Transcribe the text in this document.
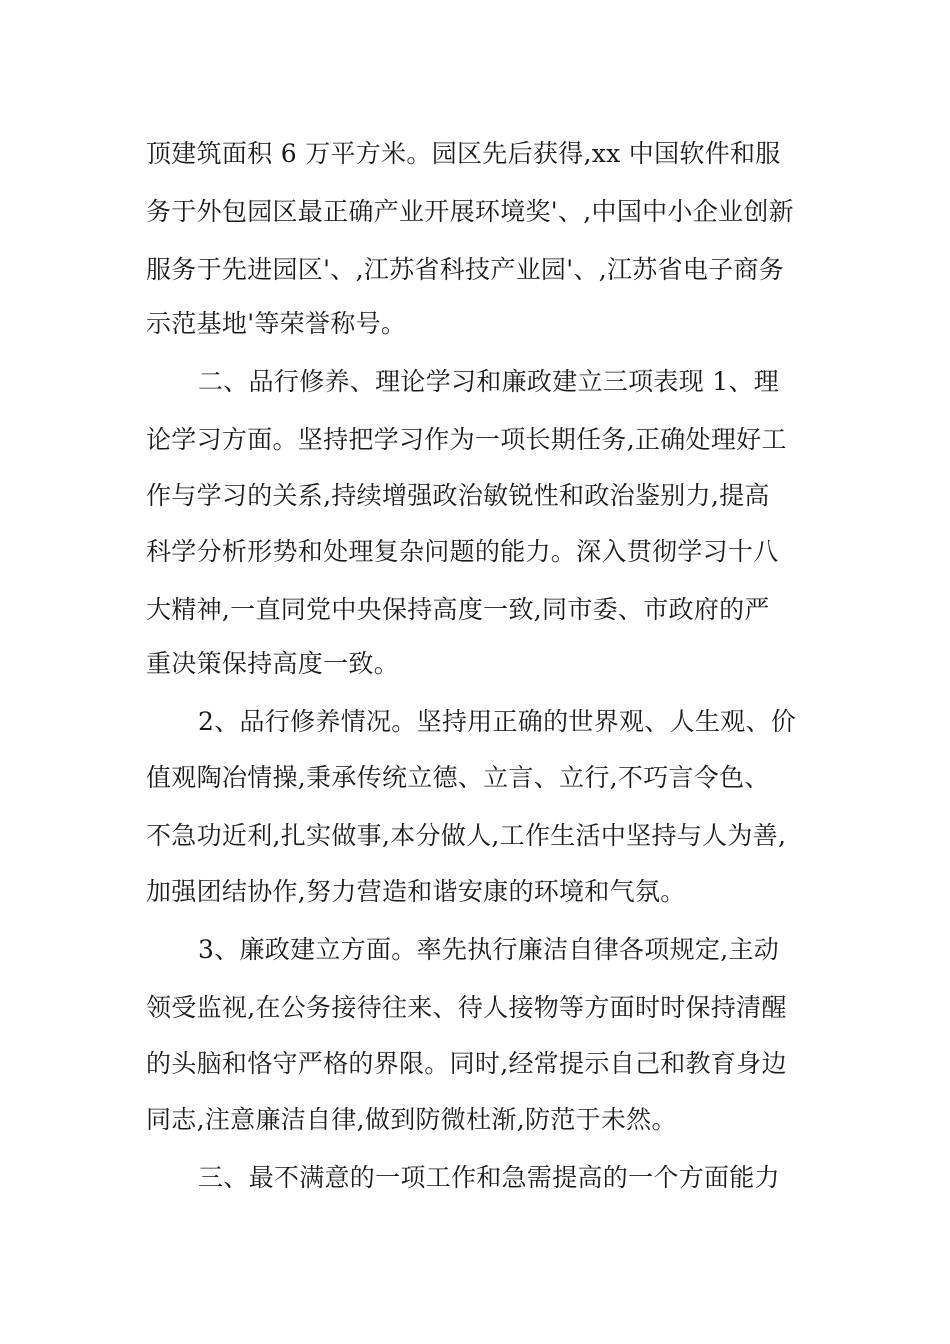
顶建筑面积 6 万平方米。园区先后获得,xx 中国软件和服
务于外包园区最正确产业开展环境奖'、,中国中小企业创新
服务于先进园区'、,江苏省科技产业园'、,江苏省电子商务
示范基地'等荣誉称号。
二、品行修养、理论学习和廉政建立三项表现 1、理
论学习方面。坚持把学习作为一项长期任务,正确处理好工
作与学习的关系,持续增强政治敏锐性和政治鉴别力,提高
科学分析形势和处理复杂问题的能力。深入贯彻学习十八
大精神,一直同党中央保持高度一致,同市委、市政府的严
重决策保持高度一致。
2、品行修养情况。坚持用正确的世界观、人生观、价
值观陶冶情操,秉承传统立德、立言、立行,不巧言令色、
不急功近利,扎实做事,本分做人,工作生活中坚持与人为善,
加强团结协作,努力营造和谐安康的环境和气氛。
3、廉政建立方面。率先执行廉洁自律各项规定,主动
领受监视,在公务接待往来、待人接物等方面时时保持清醒
的头脑和恪守严格的界限。同时,经常提示自己和教育身边
同志,注意廉洁自律,做到防微杜渐,防范于未然。
三、最不满意的一项工作和急需提高的一个方面能力
